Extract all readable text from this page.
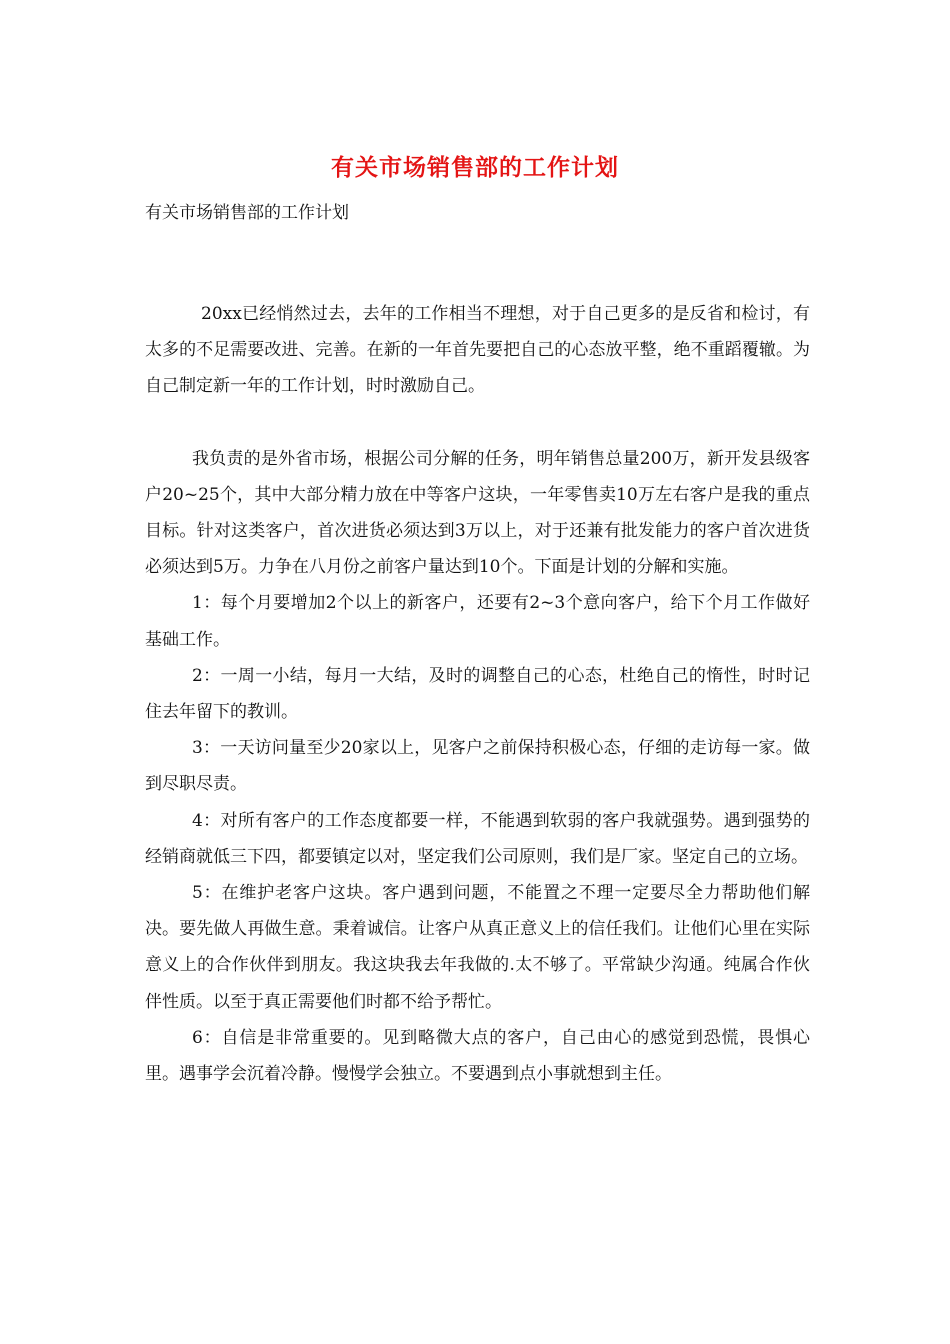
有关市场销售部的工作计划
有关市场销售部的工作计划

20xx已经悄然过去，去年的工作相当不理想，对于自己更多的是反省和检讨，有太多的不足需要改进、完善。在新的一年首先要把自己的心态放平整，绝不重蹈覆辙。为自己制定新一年的工作计划，时时激励自己。

我负责的是外省市场，根据公司分解的任务，明年销售总量200万，新开发县级客户20~25个，其中大部分精力放在中等客户这块，一年零售卖10万左右客户是我的重点目标。针对这类客户，首次进货必须达到3万以上，对于还兼有批发能力的客户首次进货必须达到5万。力争在八月份之前客户量达到10个。下面是计划的分解和实施。

1：每个月要增加2个以上的新客户，还要有2~3个意向客户，给下个月工作做好基础工作。

2：一周一小结，每月一大结，及时的调整自己的心态，杜绝自己的惰性，时时记住去年留下的教训。

3：一天访问量至少20家以上，见客户之前保持积极心态，仔细的走访每一家。做到尽职尽责。

4：对所有客户的工作态度都要一样，不能遇到软弱的客户我就强势。遇到强势的经销商就低三下四，都要镇定以对，坚定我们公司原则，我们是厂家。坚定自己的立场。

5：在维护老客户这块。客户遇到问题，不能置之不理一定要尽全力帮助他们解决。要先做人再做生意。秉着诚信。让客户从真正意义上的信任我们。让他们心里在实际意义上的合作伙伴到朋友。我这块我去年我做的.太不够了。平常缺少沟通。纯属合作伙伴性质。以至于真正需要他们时都不给予帮忙。

6：自信是非常重要的。见到略微大点的客户，自己由心的感觉到恐慌，畏惧心里。遇事学会沉着冷静。慢慢学会独立。不要遇到点小事就想到主任。
